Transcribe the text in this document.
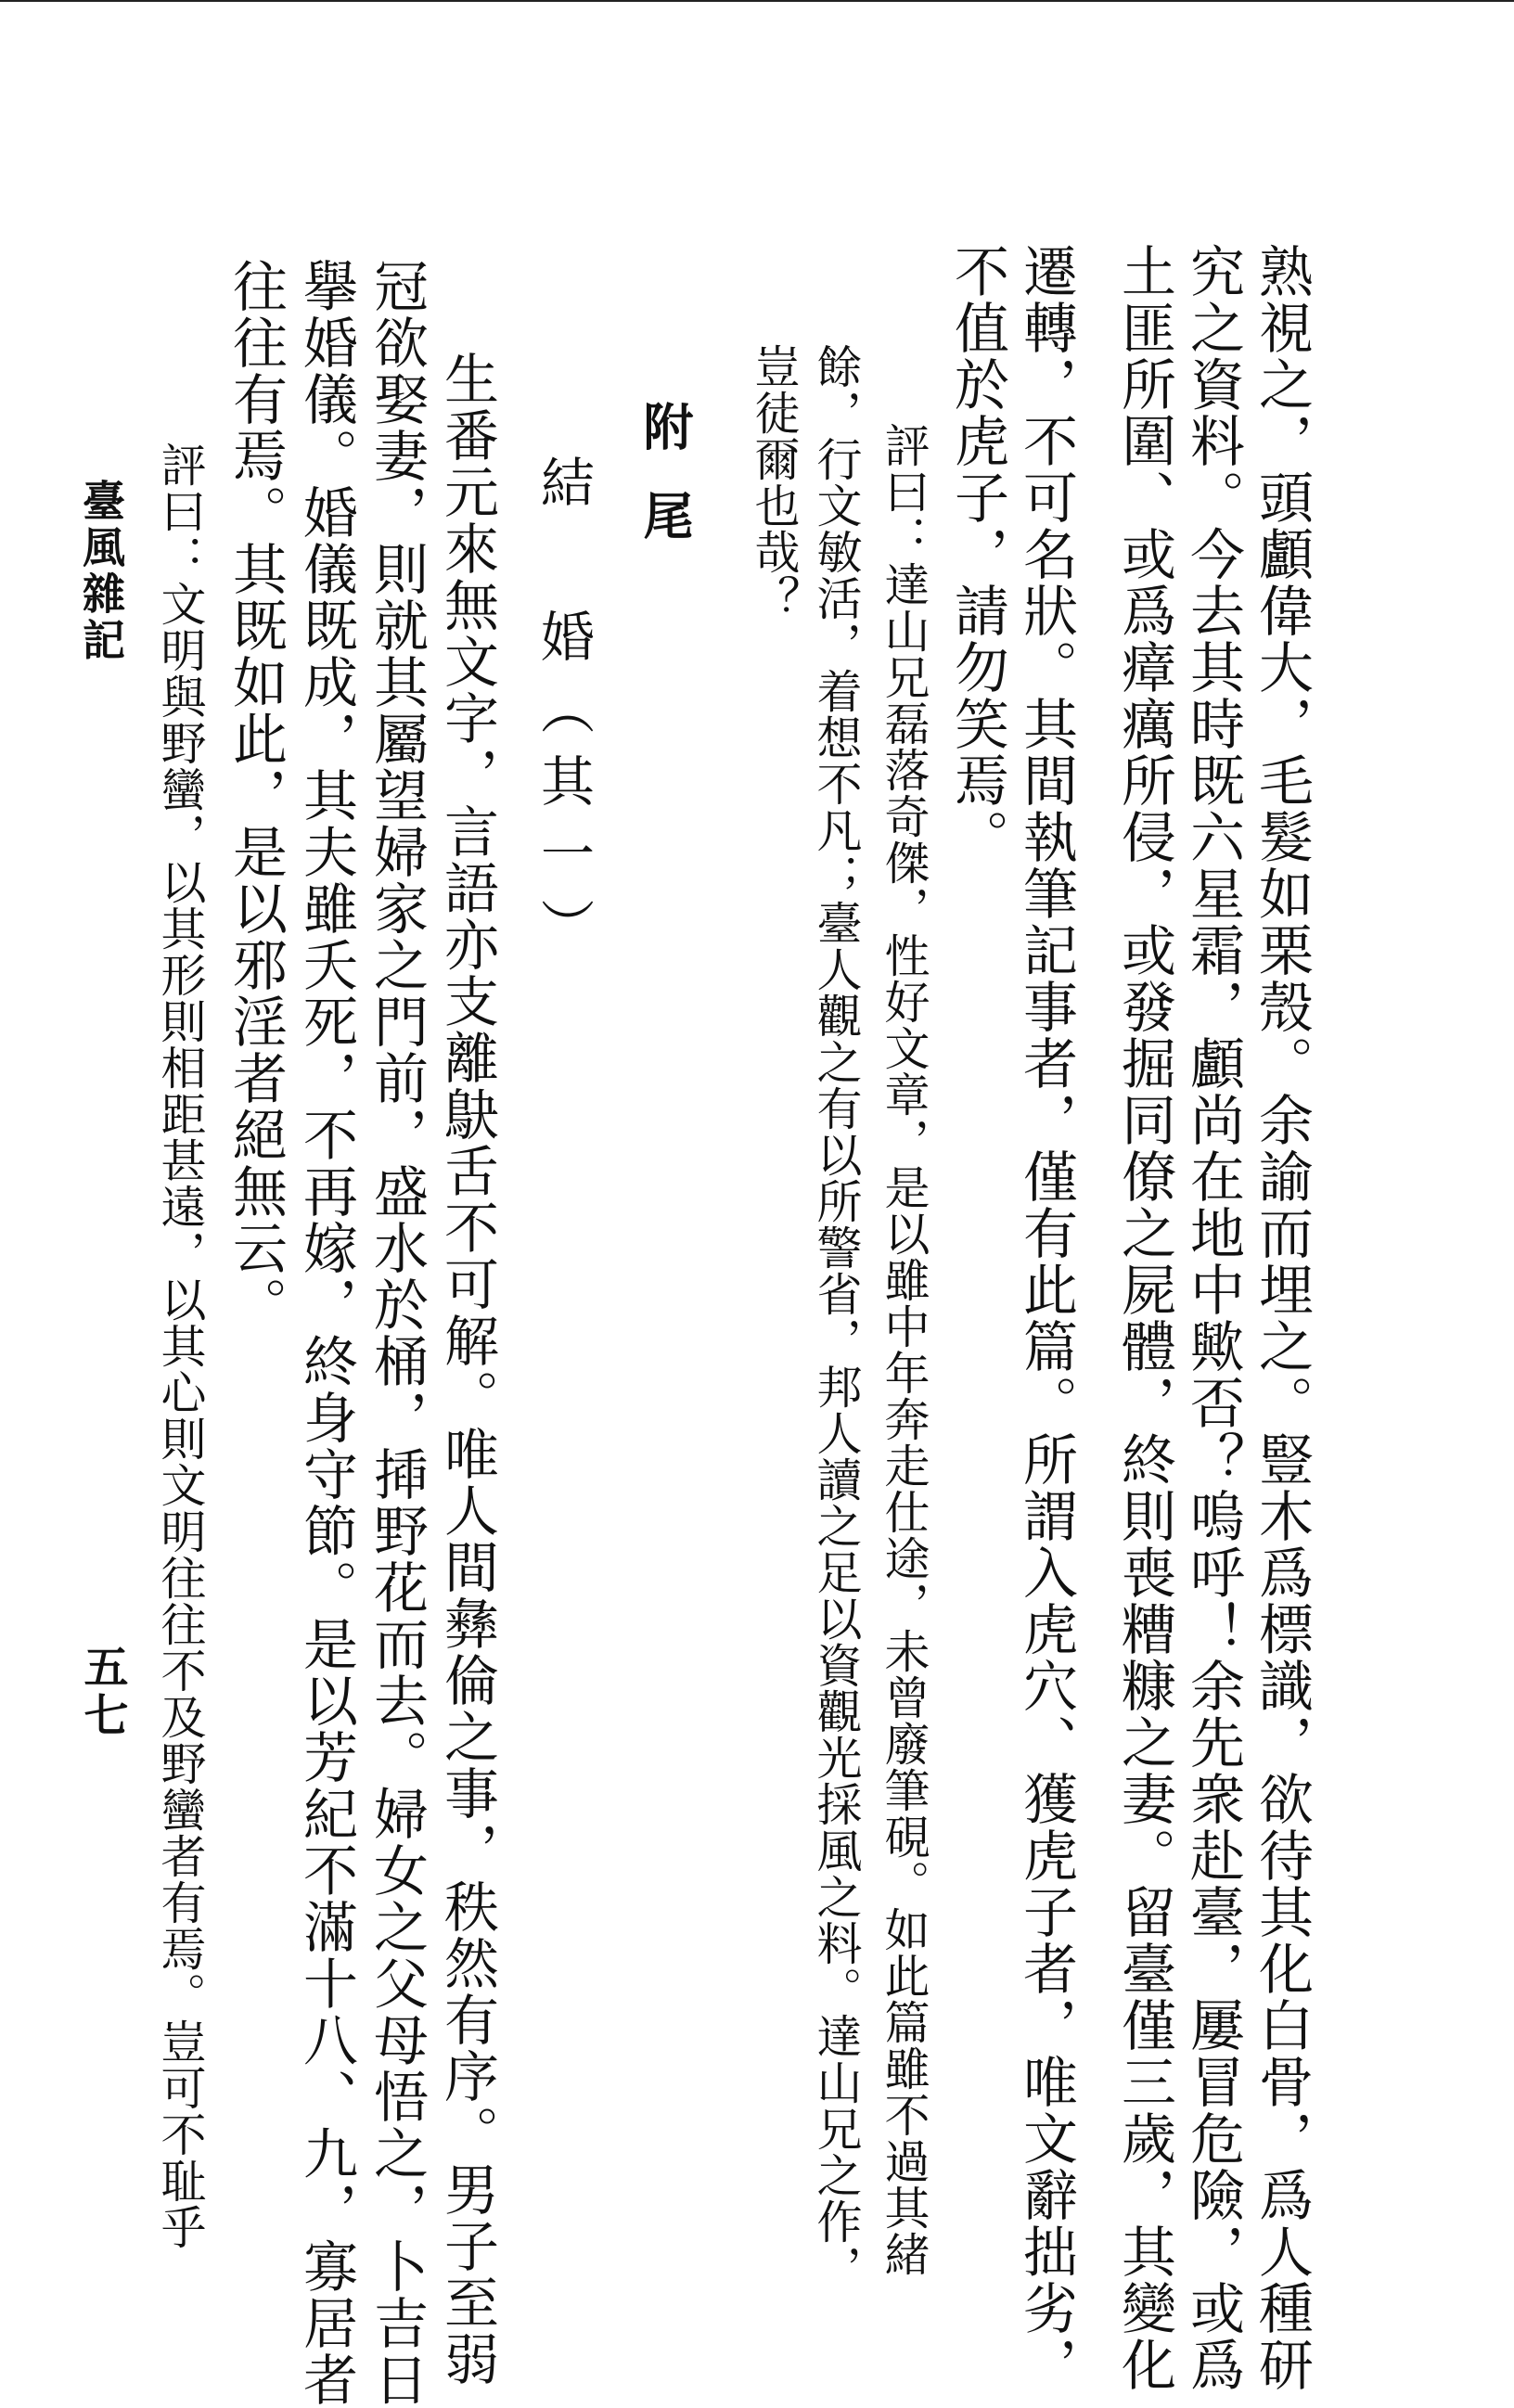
熟視之，頭顱偉大，毛髮如栗殼。余諭而埋之。豎木爲標識，欲待其化白骨，爲人種研
究之資料。今去其時既六星霜，顱尚在地中歟否？嗚呼！余先衆赴臺，屢冒危險，或爲
土匪所圍、或爲瘴癘所侵，或發掘同僚之屍體，終則喪糟糠之妻。留臺僅三歲，其變化
遷轉，不可名狀。其間執筆記事者，僅有此篇。所謂入虎穴、獲虎子者，唯文辭拙劣，
不值於虎子，請勿笑焉。
評曰：達山兄磊落奇傑，性好文章，是以雖中年奔走仕途，未曾廢筆硯。如此篇雖不過其緒
餘，行文敏活，着想不凡；臺人觀之有以所警省，邦人讀之足以資觀光採風之料。達山兄之作，
豈徒爾也哉？
附尾
結 婚（其一）
生番元來無文字，言語亦支離鴃舌不可解。唯人間彝倫之事，秩然有序。男子至弱
冠欲娶妻，則就其屬望婦家之門前，盛水於桶，揷野花而去。婦女之父母悟之，卜吉日
擧婚儀。婚儀既成，其夫雖夭死，不再嫁，終身守節。是以芳紀不滿十八、九，寡居者
往往有焉。其既如此，是以邪淫者絕無云。
評曰：文明與野蠻，以其形則相距甚遠，以其心則文明往往不及野蠻者有焉。豈可不耻乎
臺風雜記
五七
